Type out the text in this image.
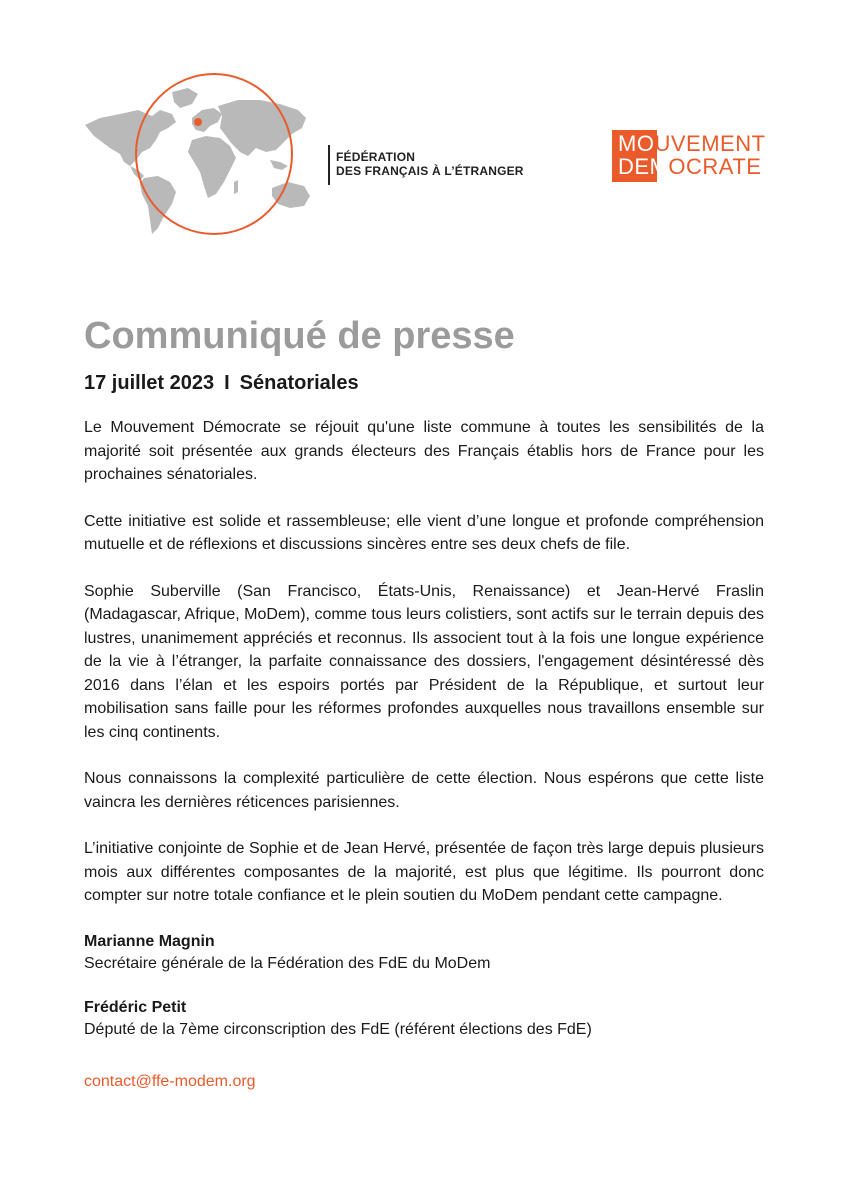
FÉDÉRATION
DES FRANÇAIS À L’ÉTRANGER
MOUVEMENT
DEMOCRATE
Communiqué de presse
17 juillet 2023 I Sénatoriales

Le Mouvement Démocrate se réjouit qu'une liste commune à toutes les sensibilités de la majorité soit présentée aux grands électeurs des Français établis hors de France pour les prochaines sénatoriales.

Cette initiative est solide et rassembleuse; elle vient d’une longue et profonde compréhension mutuelle et de réflexions et discussions sincères entre ses deux chefs de file.

Sophie Suberville (San Francisco, États-Unis, Renaissance) et Jean-Hervé Fraslin (Madagascar, Afrique, MoDem), comme tous leurs colistiers, sont actifs sur le terrain depuis des lustres, unanimement appréciés et reconnus. Ils associent tout à la fois une longue expérience de la vie à l’étranger, la parfaite connaissance des dossiers, l'engagement désintéressé dès 2016 dans l’élan et les espoirs portés par Président de la République, et surtout leur mobilisation sans faille pour les réformes profondes auxquelles nous travaillons ensemble sur les cinq continents.

Nous connaissons la complexité particulière de cette élection. Nous espérons que cette liste vaincra les dernières réticences parisiennes.

L’initiative conjointe de Sophie et de Jean Hervé, présentée de façon très large depuis plusieurs mois aux différentes composantes de la majorité, est plus que légitime. Ils pourront donc compter sur notre totale confiance et le plein soutien du MoDem pendant cette campagne.

Marianne Magnin

Secrétaire générale de la Fédération des FdE du MoDem

Frédéric Petit

Député de la 7ème circonscription des FdE (référent élections des FdE)

contact@ffe-modem.org
